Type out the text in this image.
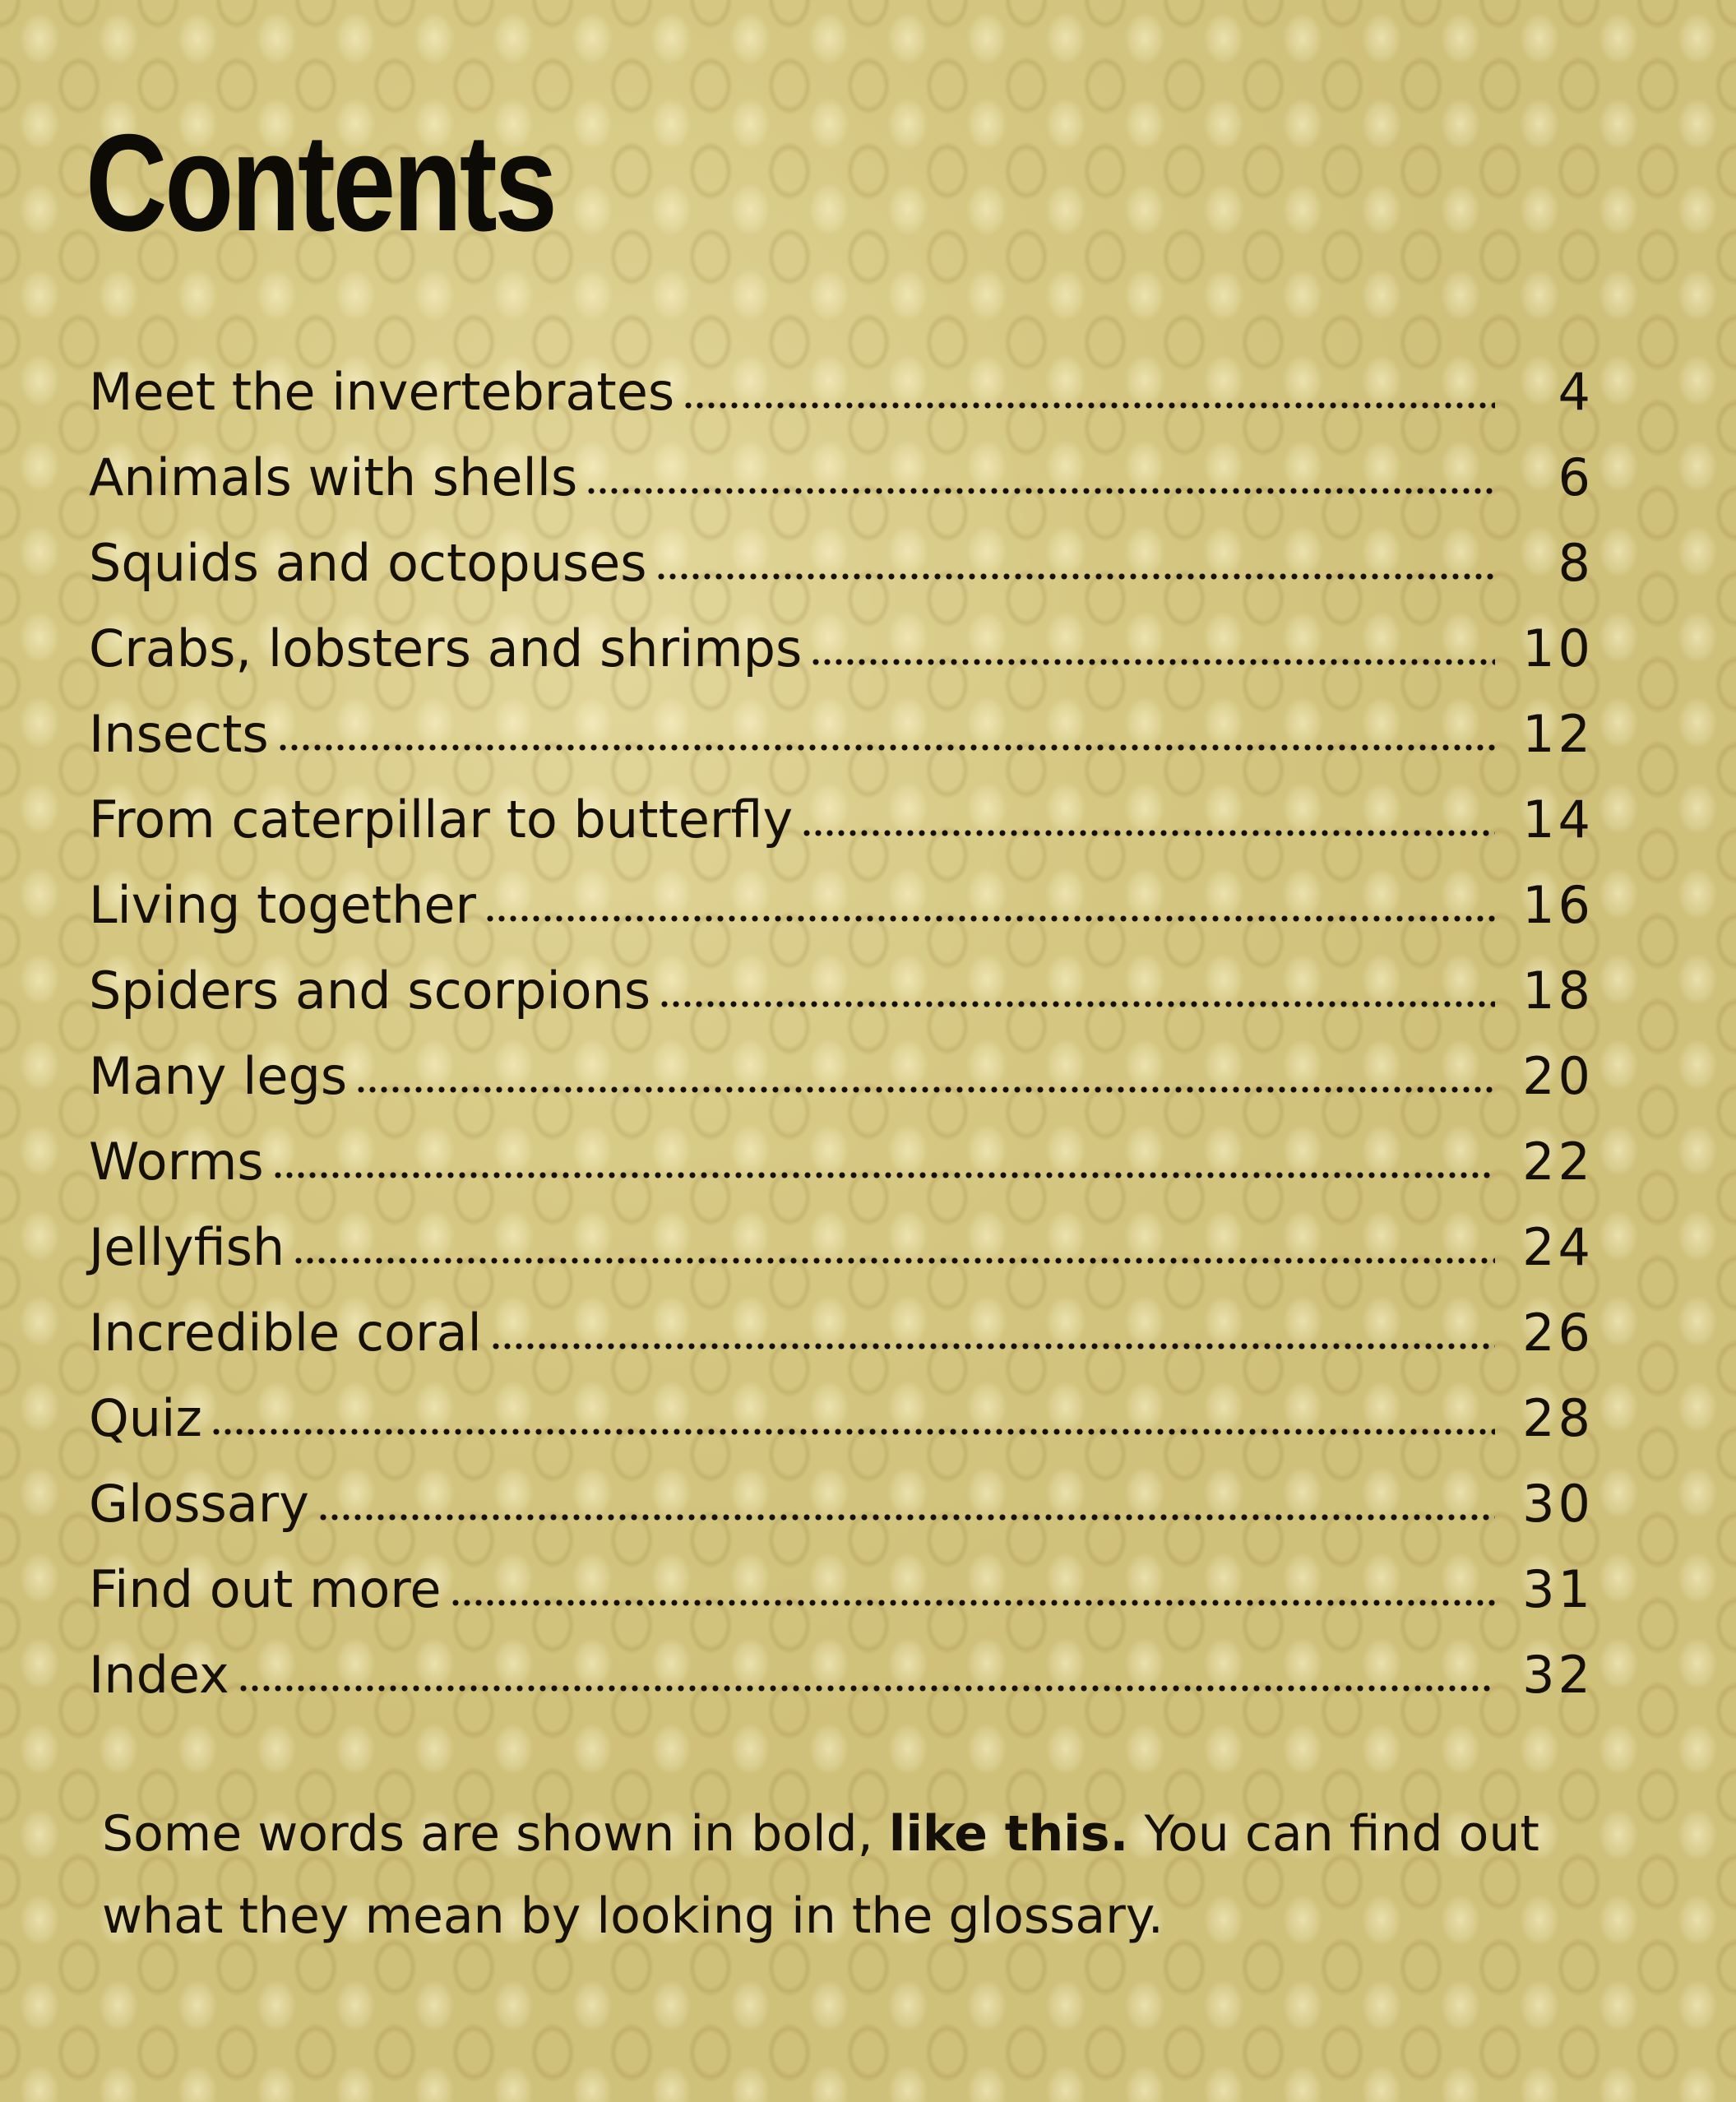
Contents
Meet the invertebrates	4
Animals with shells	6
Squids and octopuses	8
Crabs, lobsters and shrimps	10
Insects	12
From caterpillar to butterfly	14
Living together	16
Spiders and scorpions	18
Many legs	20
Worms	22
Jellyfish	24
Incredible coral	26
Quiz	28
Glossary	30
Find out more	31
Index	32

Some words are shown in bold, like this. You can find out what they mean by looking in the glossary.
